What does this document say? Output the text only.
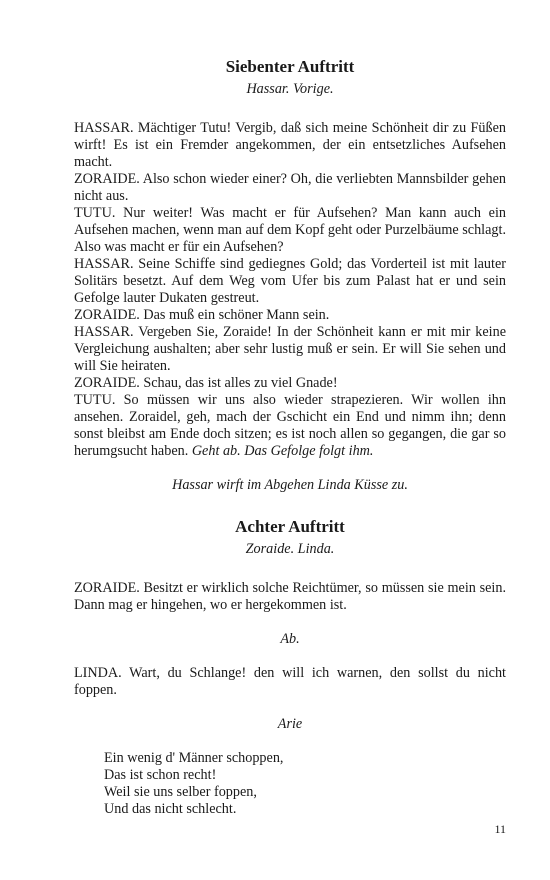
Siebenter Auftritt

Hassar. Vorige.

HASSAR. Mächtiger Tutu! Vergib, daß sich meine Schönheit dir zu Füßen wirft! Es ist ein Fremder angekommen, der ein entsetzliches Aufsehen macht.

ZORAIDE. Also schon wieder einer? Oh, die verliebten Mannsbilder gehen nicht aus.

TUTU. Nur weiter! Was macht er für Aufsehen? Man kann auch ein Aufsehen machen, wenn man auf dem Kopf geht oder Purzelbäume schlagt. Also was macht er für ein Aufsehen?

HASSAR. Seine Schiffe sind gediegnes Gold; das Vorderteil ist mit lauter Solitärs besetzt. Auf dem Weg vom Ufer bis zum Palast hat er und sein Gefolge lauter Dukaten gestreut.

ZORAIDE. Das muß ein schöner Mann sein.

HASSAR. Vergeben Sie, Zoraide! In der Schönheit kann er mit mir keine Vergleichung aushalten; aber sehr lustig muß er sein. Er will Sie sehen und will Sie heiraten.

ZORAIDE. Schau, das ist alles zu viel Gnade!

TUTU. So müssen wir uns also wieder strapezieren. Wir wollen ihn ansehen. Zoraidel, geh, mach der Gschicht ein End und nimm ihn; denn sonst bleibst am Ende doch sitzen; es ist noch allen so gegangen, die gar so herumgsucht haben. Geht ab. Das Gefolge folgt ihm.

Hassar wirft im Abgehen Linda Küsse zu.

Achter Auftritt

Zoraide. Linda.

ZORAIDE. Besitzt er wirklich solche Reichtümer, so müssen sie mein sein. Dann mag er hingehen, wo er hergekommen ist.

Ab.

LINDA. Wart, du Schlange! den will ich warnen, den sollst du nicht foppen.

Arie

Ein wenig d' Männer schoppen,
Das ist schon recht!
Weil sie uns selber foppen,
Und das nicht schlecht.
11
